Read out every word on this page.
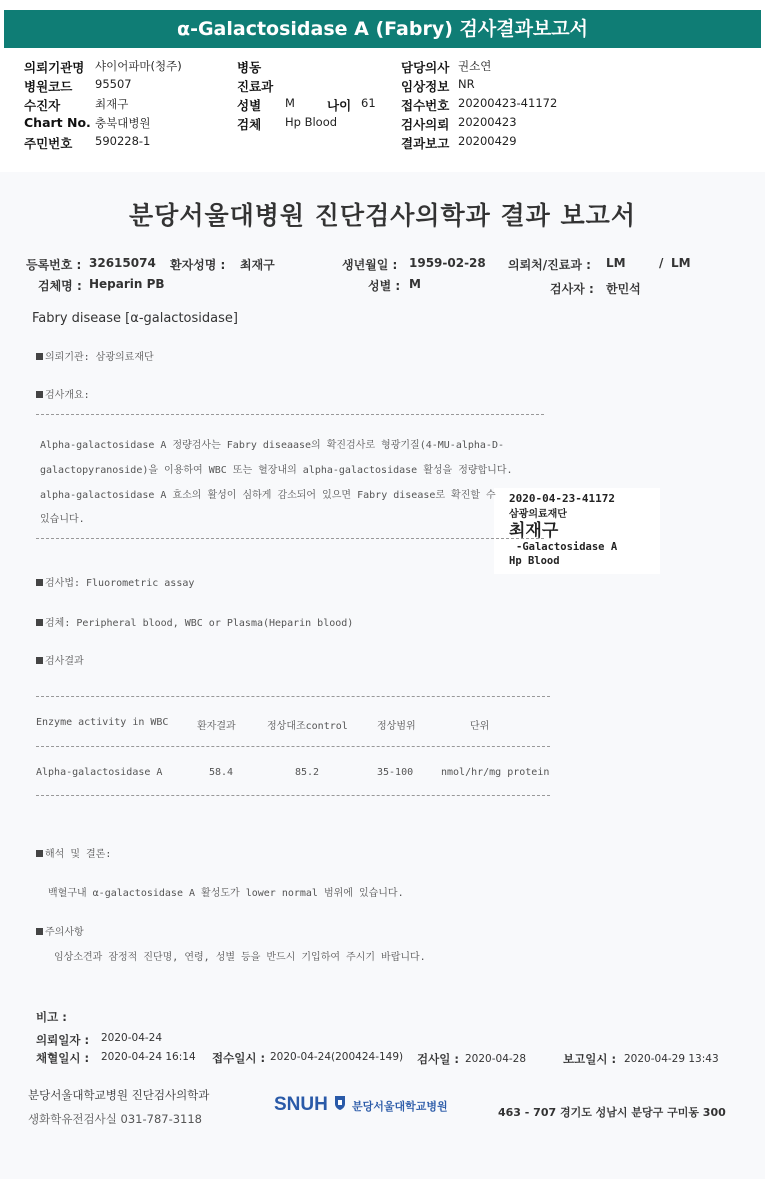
α-Galactosidase A (Fabry) 검사결과보고서
의뢰기관명 샤이어파마(청주)
병원코드 95507
수진자	최재구
Chart No. 충북대병원
주민번호 590228-1
병동
진료과
성별 M	나이 61
검체 Hp Blood
담당의사 권소연
임상정보 NR
접수번호 20200423-41172
검사의뢰 20200423
결과보고 20200429
분당서울대병원 진단검사의학과 결과 보고서
등록번호 : 32615074 환자성명 : 최재구	생년월일 : 1959-02-28 의뢰처/진료과 : LM	/ LM
검체명 : Heparin PB	성별 : M	검사자 : 한민석
Fabry disease [α-galactosidase]
2020-04-23-41172
삼광의료재단
최재구
-Galactosidase A
Hp Blood
의뢰기관: 삼광의료재단
검사개요:
Alpha-galactosidase A 정량검사는 Fabry diseaase의 확진검사로 형광기질(4-MU-alpha-D-
galactopyranoside)을 이용하여 WBC 또는 혈장내의 alpha-galactosidase 활성을 정량합니다.
alpha-galactosidase A 효소의 활성이 심하게 감소되어 있으면 Fabry disease로 확진할 수
있습니다.
검사법: Fluorometric assay
검체: Peripheral blood, WBC or Plasma(Heparin blood)
검사결과
Enzyme activity in WBC	환자결과	정상대조control	정상범위	단위
Alpha-galactosidase A	58.4	85.2	35-100	nmol/hr/mg protein
해석 및 결론:
백혈구내 α-galactosidase A 활성도가 lower normal 범위에 있습니다.
주의사항
임상소견과 잠정적 진단명, 연령, 성별 등을 반드시 기입하여 주시기 바랍니다.
비고 :
의뢰일자 : 2020-04-24
채혈일시 : 2020-04-24 16:14 접수일시 : 2020-04-24(200424-149) 검사일 : 2020-04-28	보고일시 : 2020-04-29 13:43
분당서울대학교병원 진단검사의학과
생화학유전검사실 031-787-3118
SNUH 분당서울대학교병원	463 - 707 경기도 성남시 분당구 구미동 300
